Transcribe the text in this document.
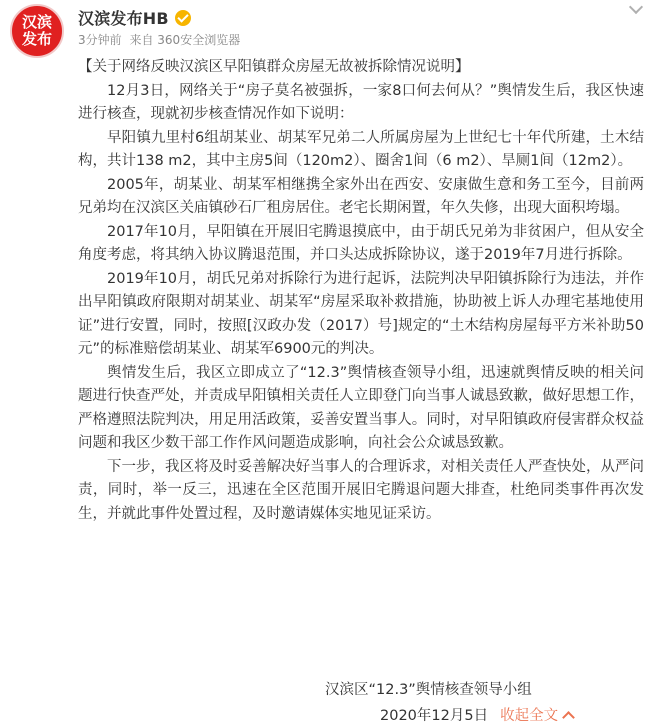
汉滨
发布
汉滨发布HB
3分钟前 来自 360安全浏览器

【关于网络反映汉滨区早阳镇群众房屋无故被拆除情况说明】

12月3日，网络关于“房子莫名被强拆，一家8口何去何从？”舆情发生后，我区快速进行核查，现就初步核查情况作如下说明：

早阳镇九里村6组胡某业、胡某军兄弟二人所属房屋为上世纪七十年代所建，土木结构，共计138 m2，其中主房5间（120m2）、圈舍1间（6 m2）、旱厕1间（12m2）。

2005年，胡某业、胡某军相继携全家外出在西安、安康做生意和务工至今，目前两兄弟均在汉滨区关庙镇砂石厂租房居住。老宅长期闲置，年久失修，出现大面积垮塌。

2017年10月，早阳镇在开展旧宅腾退摸底中，由于胡氏兄弟为非贫困户，但从安全角度考虑，将其纳入协议腾退范围，并口头达成拆除协议，遂于2019年7月进行拆除。

2019年10月，胡氏兄弟对拆除行为进行起诉，法院判决早阳镇拆除行为违法，并作出早阳镇政府限期对胡某业、胡某军“房屋采取补救措施，协助被上诉人办理宅基地使用证”进行安置，同时，按照[汉政办发（2017）号]规定的“土木结构房屋每平方米补助50元”的标准赔偿胡某业、胡某军6900元的判决。

舆情发生后，我区立即成立了“12.3”舆情核查领导小组，迅速就舆情反映的相关问题进行快查严处，并责成早阳镇相关责任人立即登门向当事人诚恳致歉，做好思想工作，严格遵照法院判决，用足用活政策，妥善安置当事人。同时，对早阳镇政府侵害群众权益问题和我区少数干部工作作风问题造成影响，向社会公众诚恳致歉。

下一步，我区将及时妥善解决好当事人的合理诉求，对相关责任人严查快处，从严问责，同时，举一反三，迅速在全区范围开展旧宅腾退问题大排查，杜绝同类事件再次发生，并就此事件处置过程，及时邀请媒体实地见证采访。

汉滨区“12.3”舆情核查领导小组
2020年12月5日 收起全文
